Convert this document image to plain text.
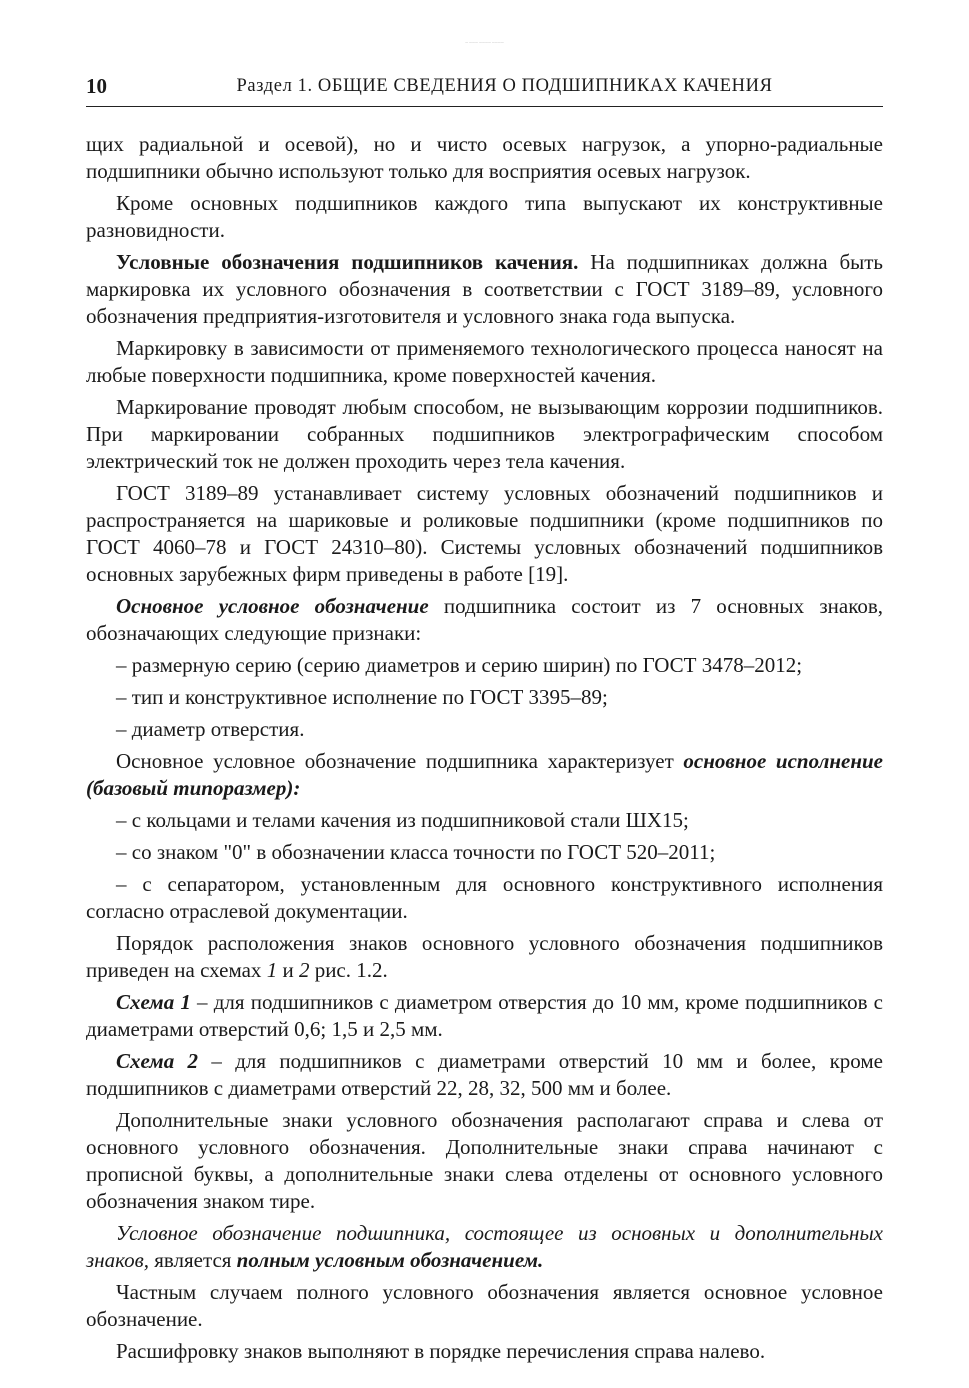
— ——— ———— ————
10	Раздел 1. ОБЩИЕ СВЕДЕНИЯ О ПОДШИПНИКАХ КАЧЕНИЯ

щих радиальной и осевой), но и чисто осевых нагрузок, а упорно-радиальные подшипники обычно используют только для восприятия осевых нагрузок.

Кроме основных подшипников каждого типа выпускают их конструктивные разновидности.

Условные обозначения подшипников качения. На подшипниках должна быть маркировка их условного обозначения в соответствии с ГОСТ 3189–89, условного обозначения предприятия-изготовителя и условного знака года выпуска.

Маркировку в зависимости от применяемого технологического процесса наносят на любые поверхности подшипника, кроме поверхностей качения.

Маркирование проводят любым способом, не вызывающим коррозии подшипников. При маркировании собранных подшипников электрографическим способом электрический ток не должен проходить через тела качения.

ГОСТ 3189–89 устанавливает систему условных обозначений подшипников и распространяется на шариковые и роликовые подшипники (кроме подшипников по ГОСТ 4060–78 и ГОСТ 24310–80). Системы условных обозначений подшипников основных зарубежных фирм приведены в работе [19].

Основное условное обозначение подшипника состоит из 7 основных знаков, обозначающих следующие признаки:

– размерную серию (серию диаметров и серию ширин) по ГОСТ 3478–2012;

– тип и конструктивное исполнение по ГОСТ 3395–89;

– диаметр отверстия.

Основное условное обозначение подшипника характеризует основное исполнение (базовый типоразмер):

– с кольцами и телами качения из подшипниковой стали ШХ15;

– со знаком "0" в обозначении класса точности по ГОСТ 520–2011;

– с сепаратором, установленным для основного конструктивного исполнения согласно отраслевой документации.

Порядок расположения знаков основного условного обозначения подшипников приведен на схемах 1 и 2 рис. 1.2.

Схема 1 – для подшипников с диаметром отверстия до 10 мм, кроме подшипников с диаметрами отверстий 0,6; 1,5 и 2,5 мм.

Схема 2 – для подшипников с диаметрами отверстий 10 мм и более, кроме подшипников с диаметрами отверстий 22, 28, 32, 500 мм и более.

Дополнительные знаки условного обозначения располагают справа и слева от основного условного обозначения. Дополнительные знаки справа начинают с прописной буквы, а дополнительные знаки слева отделены от основного условного обозначения знаком тире.

Условное обозначение подшипника, состоящее из основных и дополнительных знаков, является полным условным обозначением.

Частным случаем полного условного обозначения является основное условное обозначение.

Расшифровку знаков выполняют в порядке перечисления справа налево.
